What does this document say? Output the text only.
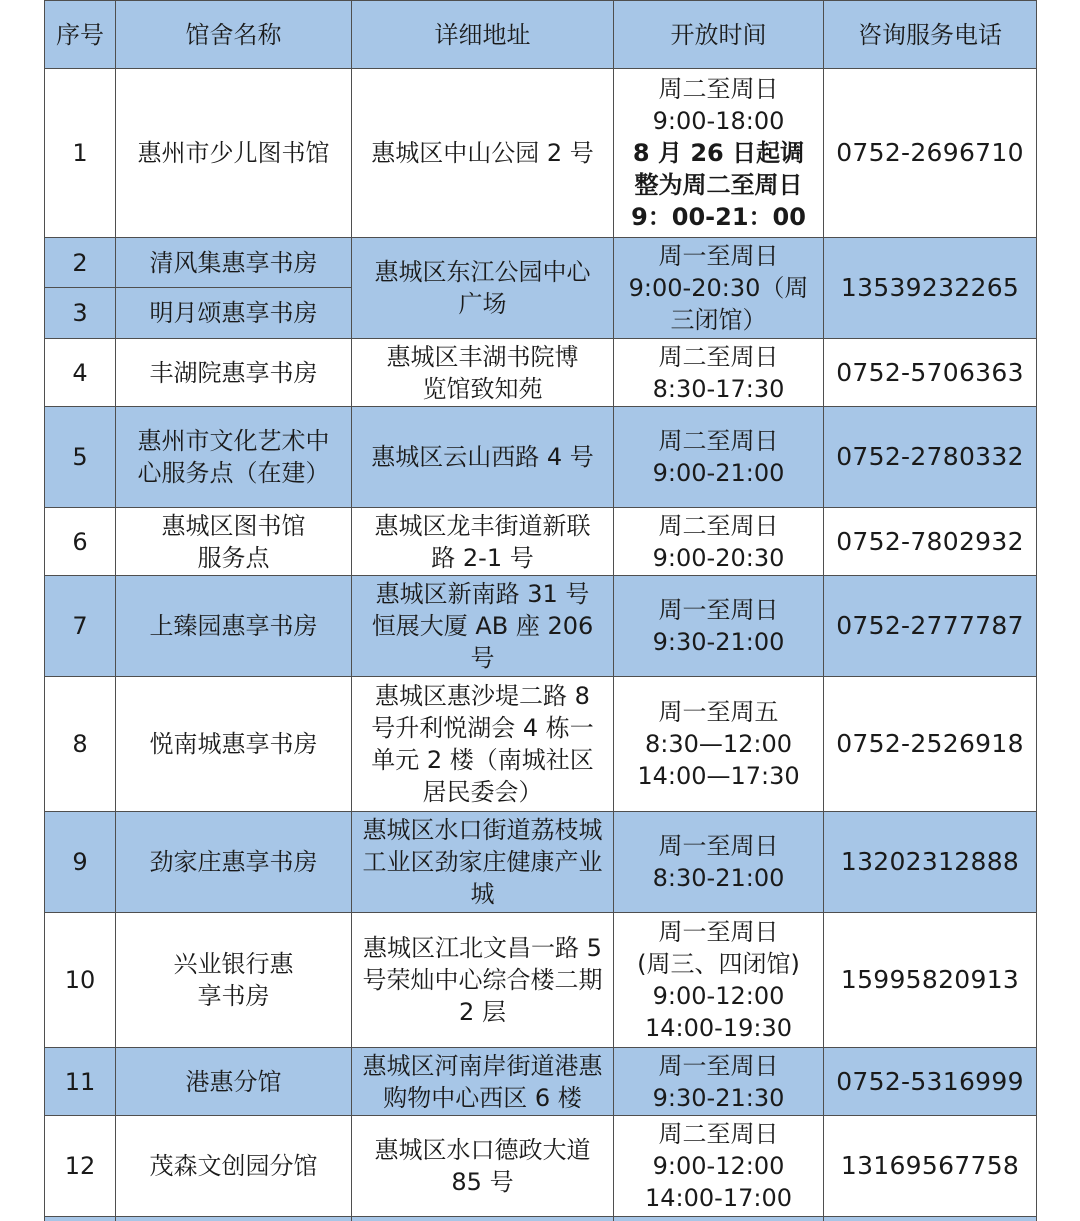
序号	馆舍名称	详细地址	开放时间	咨询服务电话
1	惠州市少儿图书馆	惠城区中山公园 2 号	周二至周日
9:00-18:00
8 月 26 日起调
整为周二至周日
9：00-21：00	0752-2696710
2	清风集惠享书房	惠城区东江公园中心广场	周一至周日
9:00-20:30（周三闭馆）	13539232265
3	明月颂惠享书房			
4	丰湖院惠享书房	惠城区丰湖书院博览馆致知苑	周二至周日
8:30-17:30	0752-5706363
5	惠州市文化艺术中心服务点（在建）	惠城区云山西路 4 号	周二至周日
9:00-21:00	0752-2780332
6	惠城区图书馆服务点	惠城区龙丰街道新联路 2-1 号	周二至周日
9:00-20:30	0752-7802932
7	上臻园惠享书房	惠城区新南路 31 号恒展大厦 AB 座 206 号	周一至周日
9:30-21:00	0752-2777787
8	悦南城惠享书房	惠城区惠沙堤二路 8 号升利悦湖会 4 栋一单元 2 楼（南城社区居民委会）	周一至周五
8:30—12:00
14:00—17:30	0752-2526918
9	劲家庄惠享书房	惠城区水口街道荔枝城工业区劲家庄健康产业城	周一至周日
8:30-21:00	13202312888
10	兴业银行惠享书房	惠城区江北文昌一路 5 号荣灿中心综合楼二期 2 层	周一至周日
(周三、四闭馆)
9:00-12:00
14:00-19:30	15995820913
11	港惠分馆	惠城区河南岸街道港惠购物中心西区 6 楼	周一至周日
9:30-21:30	0752-5316999
12	茂森文创园分馆	惠城区水口德政大道 85 号	周二至周日
9:00-12:00
14:00-17:00	13169567758
